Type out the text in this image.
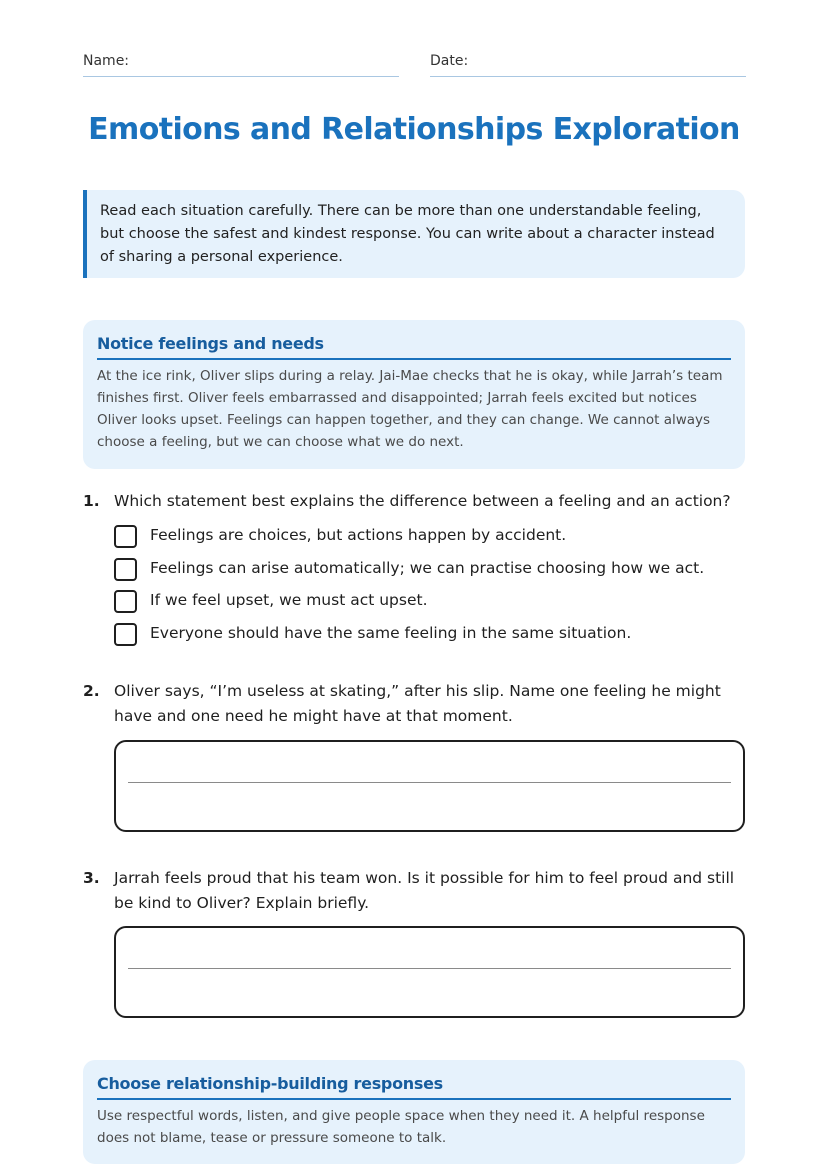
Name:	Date:
Emotions and Relationships Exploration
Read each situation carefully. There can be more than one understandable feeling, but choose the safest and kindest response. You can write about a character instead of sharing a personal experience.
Notice feelings and needs

At the ice rink, Oliver slips during a relay. Jai-Mae checks that he is okay, while Jarrah’s team finishes first. Oliver feels embarrassed and disappointed; Jarrah feels excited but notices Oliver looks upset. Feelings can happen together, and they can change. We cannot always choose a feeling, but we can choose what we do next.

1. Which statement best explains the difference between a feeling and an action?
Feelings are choices, but actions happen by accident.
Feelings can arise automatically; we can practise choosing how we act.
If we feel upset, we must act upset.
Everyone should have the same feeling in the same situation.
2. Oliver says, “I’m useless at skating,” after his slip. Name one feeling he might have and one need he might have at that moment.
3. Jarrah feels proud that his team won. Is it possible for him to feel proud and still be kind to Oliver? Explain briefly.
Choose relationship-building responses

Use respectful words, listen, and give people space when they need it. A helpful response does not blame, tease or pressure someone to talk.
